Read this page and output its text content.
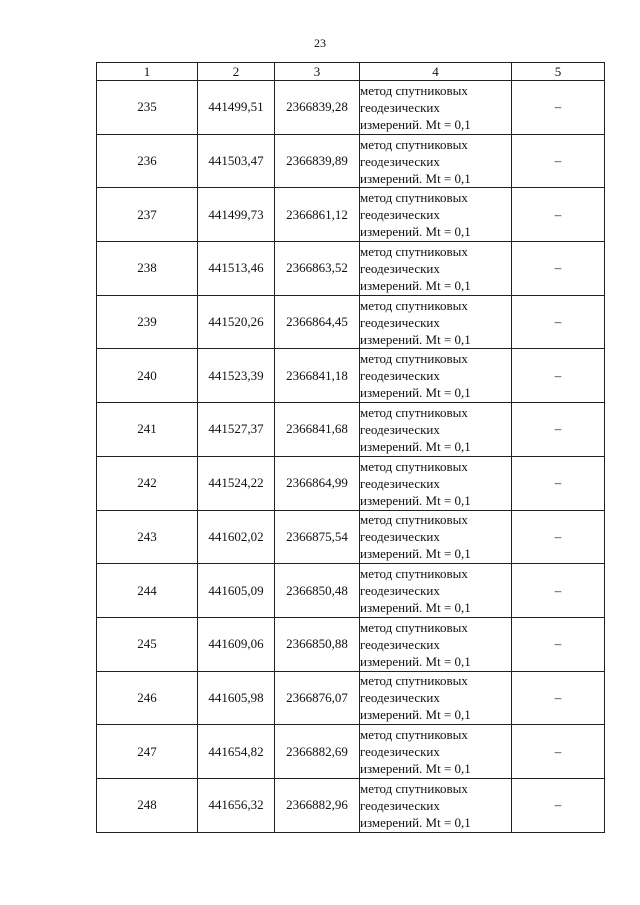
23
1	2	3	4	5
235	441499,51	2366839,28	метод спутниковых
геодезических
измерений. Mt = 0,1	–
236	441503,47	2366839,89	метод спутниковых
геодезических
измерений. Mt = 0,1	–
237	441499,73	2366861,12	метод спутниковых
геодезических
измерений. Mt = 0,1	–
238	441513,46	2366863,52	метод спутниковых
геодезических
измерений. Mt = 0,1	–
239	441520,26	2366864,45	метод спутниковых
геодезических
измерений. Mt = 0,1	–
240	441523,39	2366841,18	метод спутниковых
геодезических
измерений. Mt = 0,1	–
241	441527,37	2366841,68	метод спутниковых
геодезических
измерений. Mt = 0,1	–
242	441524,22	2366864,99	метод спутниковых
геодезических
измерений. Mt = 0,1	–
243	441602,02	2366875,54	метод спутниковых
геодезических
измерений. Mt = 0,1	–
244	441605,09	2366850,48	метод спутниковых
геодезических
измерений. Mt = 0,1	–
245	441609,06	2366850,88	метод спутниковых
геодезических
измерений. Mt = 0,1	–
246	441605,98	2366876,07	метод спутниковых
геодезических
измерений. Mt = 0,1	–
247	441654,82	2366882,69	метод спутниковых
геодезических
измерений. Mt = 0,1	–
248	441656,32	2366882,96	метод спутниковых
геодезических
измерений. Mt = 0,1	–
